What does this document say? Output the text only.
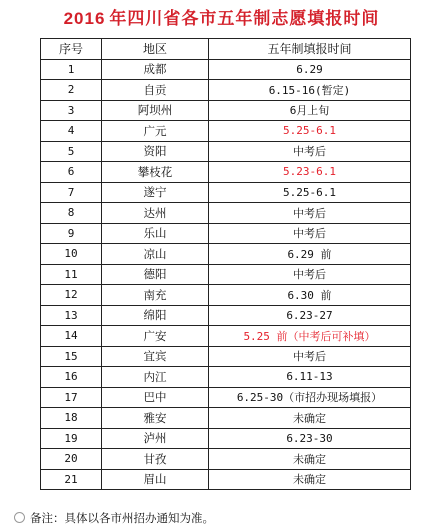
2016 年四川省各市五年制志愿填报时间
序号	地区	五年制填报时间
1	成都	6.29
2	自贡	6.15-16(暂定)
3	阿坝州	6月上旬
4	广元	5.25-6.1
5	资阳	中考后
6	攀枝花	5.23-6.1
7	遂宁	5.25-6.1
8	达州	中考后
9	乐山	中考后
10	凉山	6.29 前
11	德阳	中考后
12	南充	6.30 前
13	绵阳	6.23-27
14	广安	5.25 前（中考后可补填）
15	宜宾	中考后
16	内江	6.11-13
17	巴中	6.25-30（市招办现场填报）
18	雅安	未确定
19	泸州	6.23-30
20	甘孜	未确定
21	眉山	未确定
备注：具体以各市州招办通知为准。
